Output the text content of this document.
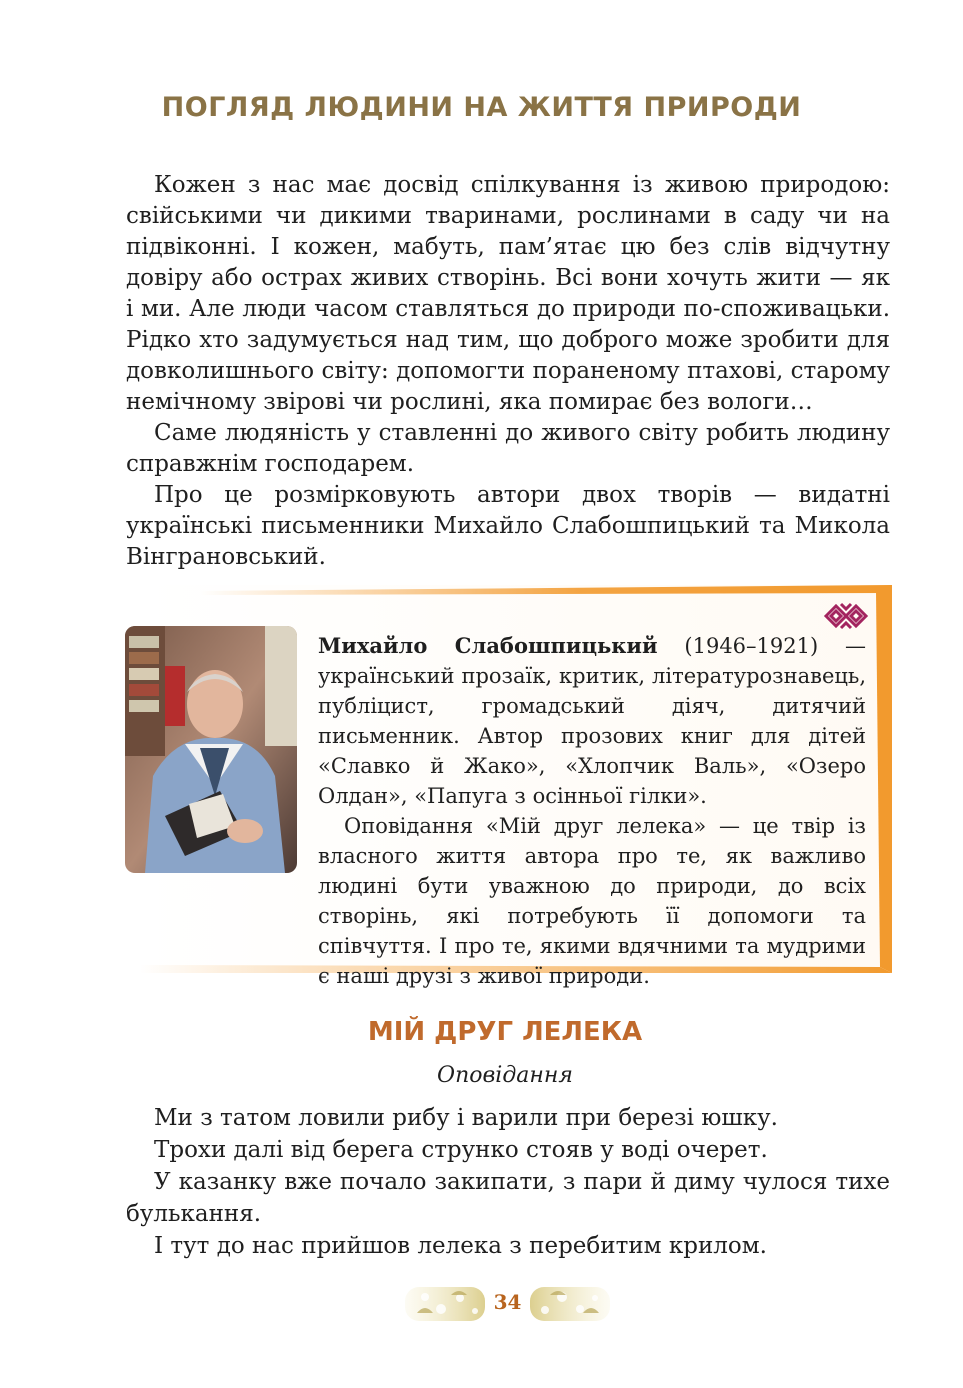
ПОГЛЯД ЛЮДИНИ НА ЖИТТЯ ПРИРОДИ

Кожен з нас має досвід спілкування із живою природою: свійськими чи дикими тваринами, рослинами в саду чи на підвіконні. І кожен, мабуть, пам’ятає цю без слів відчутну довіру або острах живих створінь. Всі вони хочуть жити — як і ми. Але люди часом ставляться до природи по-споживацьки. Рідко хто задумується над тим, що доброго може зробити для довколишнього світу: допомогти пораненому птахові, старому немічному звірові чи рослині, яка помирає без вологи…

Саме людяність у ставленні до живого світу робить людину справжнім господарем.

Про це розмірковують автори двох творів — видатні українські письменники Михайло Слабошпицький та Микола Вінграновський.

Михайло Слабошпицький (1946–1921) — український прозаїк, критик, літературознавець, публіцист, громадський діяч, дитячий письменник. Автор прозових книг для дітей «Славко й Жако», «Хлопчик Валь», «Озеро Олдан», «Папуга з осінньої гілки».

Оповідання «Мій друг лелека» — це твір із власного життя автора про те, як важливо людині бути уважною до природи, до всіх створінь, які потребують її допомоги та співчуття. І про те, якими вдячними та мудрими є наші друзі з живої природи.

МІЙ ДРУГ ЛЕЛЕКА
Оповідання

Ми з татом ловили рибу і варили при березі юшку.

Трохи далі від берега струнко стояв у воді очерет.

У казанку вже почало закипати, з пари й диму чулося тихе булькання.

І тут до нас прийшов лелека з перебитим крилом.

34
